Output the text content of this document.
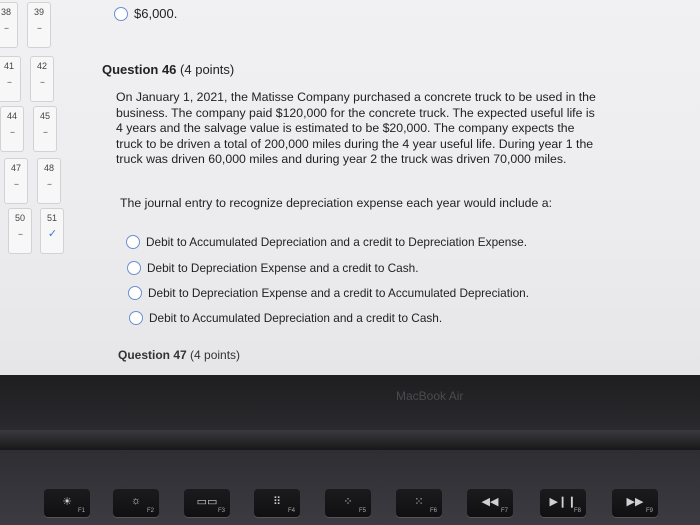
38
--
39
--
41
--
42
--
44
--
45
--
47
--
48
--
50
--
51
✓
$6,000.
Question 46 (4 points)
On January 1, 2021, the Matisse Company purchased a concrete truck to be used in the business. The company paid $120,000 for the concrete truck. The expected useful life is 4 years and the salvage value is estimated to be $20,000. The company expects the truck to be driven a total of 200,000 miles during the 4 year useful life. During year 1 the truck was driven 60,000 miles and during year 2 the truck was driven 70,000 miles.
The journal entry to recognize depreciation expense each year would include a:
Debit to Accumulated Depreciation and a credit to Depreciation Expense.
Debit to Depreciation Expense and a credit to Cash.
Debit to Depreciation Expense and a credit to Accumulated Depreciation.
Debit to Accumulated Depreciation and a credit to Cash.
Question 47 (4 points)
MacBook Air
☀
F1
☼
F2
▭▭
F3
⠿
F4
⁘
F5
⁙
F6
◀◀
F7
▶❙❙
F8
▶▶
F9
